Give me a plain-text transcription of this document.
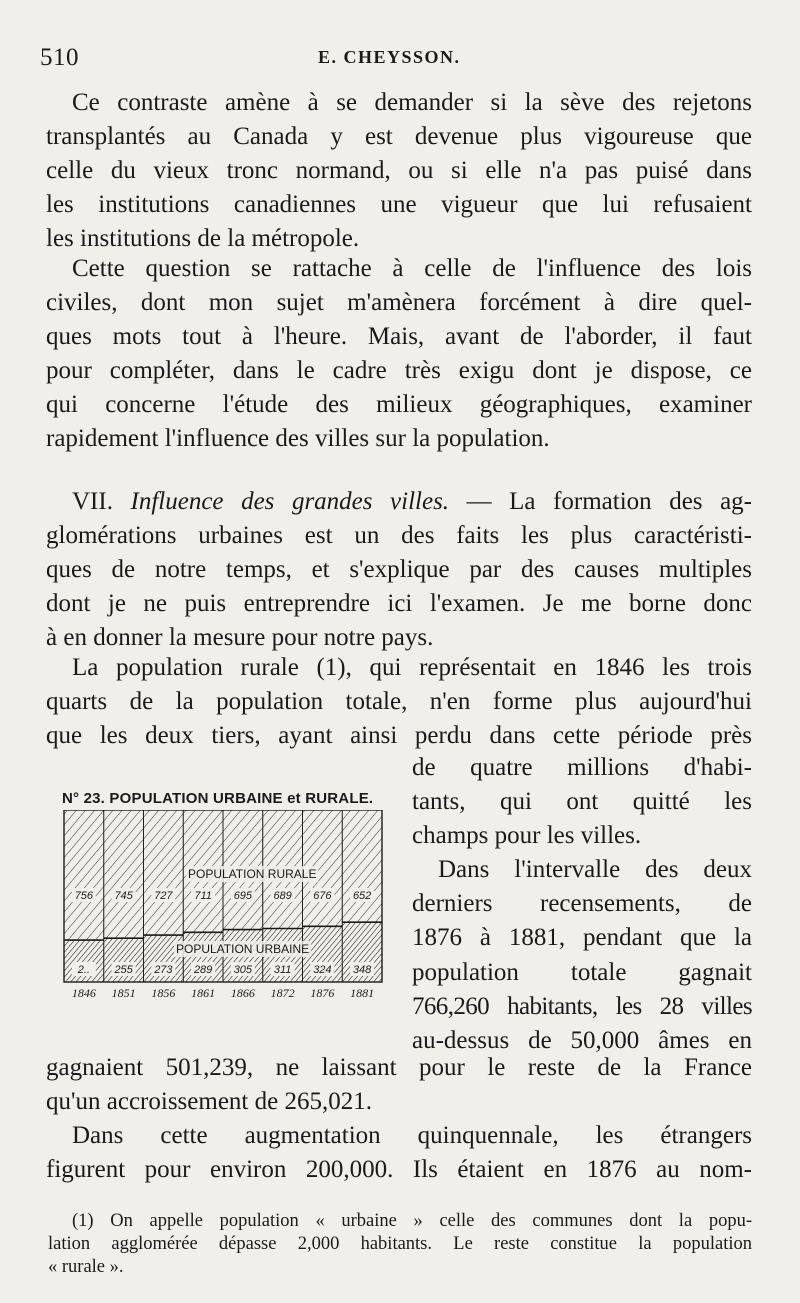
510	E. CHEYSSON.
Ce contraste amène à se demander si la sève des rejetons
transplantés au Canada y est devenue plus vigoureuse que
celle du vieux tronc normand, ou si elle n'a pas puisé dans
les institutions canadiennes une vigueur que lui refusaient
les institutions de la métropole.
Cette question se rattache à celle de l'influence des lois
civiles, dont mon sujet m'amènera forcément à dire quel-
ques mots tout à l'heure. Mais, avant de l'aborder, il faut
pour compléter, dans le cadre très exigu dont je dispose, ce
qui concerne l'étude des milieux géographiques, examiner
rapidement l'influence des villes sur la population.
VII. Influence des grandes villes. — La formation des ag-
glomérations urbaines est un des faits les plus caractéristi-
ques de notre temps, et s'explique par des causes multiples
dont je ne puis entreprendre ici l'examen. Je me borne donc
à en donner la mesure pour notre pays.
La population rurale (1), qui représentait en 1846 les trois
quarts de la population totale, n'en forme plus aujourd'hui
que les deux tiers, ayant ainsi perdu dans cette période près
N° 23. POPULATION URBAINE et RURALE.
756
2..
745
255
727
273
711
289
695
305
689
311
676
324
652
348
POPULATION RURALE
POPULATION URBAINE
1846 1851 1856 1861 1866 1872 1876 1881
de quatre millions d'habi-
tants, qui ont quitté les
champs pour les villes.
Dans l'intervalle des deux
derniers recensements, de
1876 à 1881, pendant que la
population totale gagnait
766,260 habitants, les 28 villes
au-dessus de 50,000 âmes en
gagnaient 501,239, ne laissant pour le reste de la France
qu'un accroissement de 265,021.
Dans cette augmentation quinquennale, les étrangers
figurent pour environ 200,000. Ils étaient en 1876 au nom-
(1) On appelle population « urbaine » celle des communes dont la popu-
lation agglomérée dépasse 2,000 habitants. Le reste constitue la population
« rurale ».
